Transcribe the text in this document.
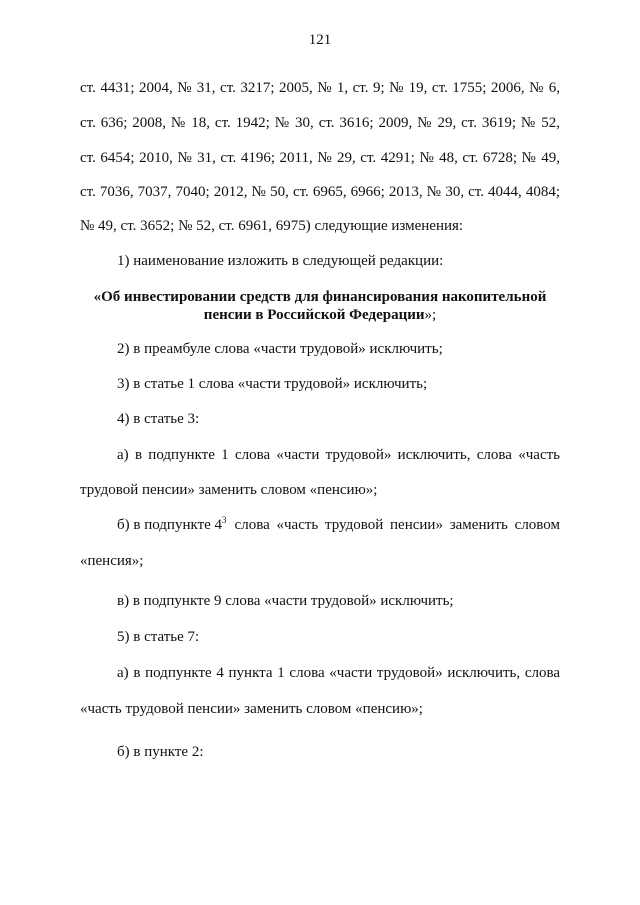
121
ст. 4431; 2004, № 31, ст. 3217; 2005, № 1, ст. 9; № 19, ст. 1755; 2006, № 6,
ст. 636; 2008, № 18, ст. 1942; № 30, ст. 3616; 2009, № 29, ст. 3619; № 52,
ст. 6454; 2010, № 31, ст. 4196; 2011, № 29, ст. 4291; № 48, ст. 6728; № 49,
ст. 7036, 7037, 7040; 2012, № 50, ст. 6965, 6966; 2013, № 30, ст. 4044, 4084;
№ 49, ст. 3652; № 52, ст. 6961, 6975) следующие изменения:
1) наименование изложить в следующей редакции:
«Об инвестировании средств для финансирования накопительной
пенсии в Российской Федерации»;
2) в преамбуле слова «части трудовой» исключить;
3) в статье 1 слова «части трудовой» исключить;
4) в статье 3:
а) в подпункте 1 слова «части трудовой» исключить, слова «часть
трудовой пенсии» заменить словом «пенсию»;
б) в подпункте $4^3$ слова «часть трудовой пенсии» заменить словом
«пенсия»;
в) в подпункте 9 слова «части трудовой» исключить;
5) в статье 7:
а) в подпункте 4 пункта 1 слова «части трудовой» исключить, слова
«часть трудовой пенсии» заменить словом «пенсию»;
б) в пункте 2:
